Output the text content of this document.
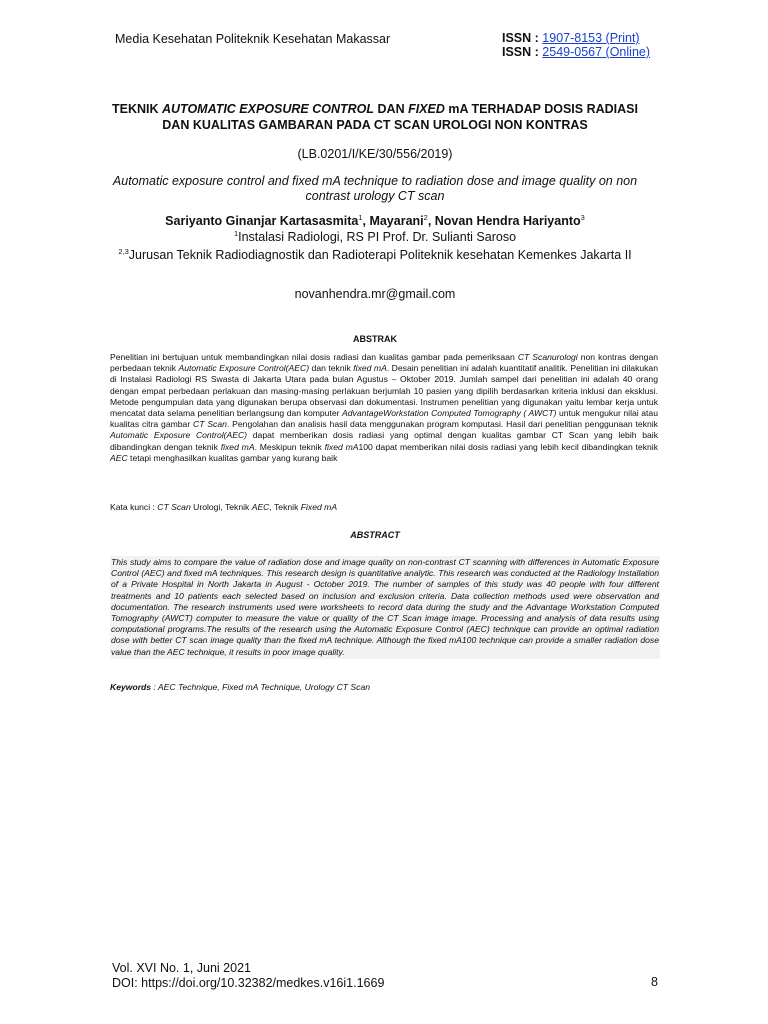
Media Kesehatan Politeknik Kesehatan Makassar	ISSN : 1907-8153 (Print)
ISSN : 2549-0567 (Online)
TEKNIK AUTOMATIC EXPOSURE CONTROL DAN FIXED mA TERHADAP DOSIS RADIASI DAN KUALITAS GAMBARAN PADA CT SCAN UROLOGI NON KONTRAS
(LB.0201/I/KE/30/556/2019)
Automatic exposure control and fixed mA technique to radiation dose and image quality on non contrast urology CT scan
Sariyanto Ginanjar Kartasasmita$^1$, Mayarani$^2$, Novan Hendra Hariyanto$^3$
$^1$Instalasi Radiologi, RS PI Prof. Dr. Sulianti Saroso
$^{2,3}$Jurusan Teknik Radiodiagnostik dan Radioterapi Politeknik kesehatan Kemenkes Jakarta II
novanhendra.mr@gmail.com
ABSTRAK
Penelitian ini bertujuan untuk membandingkan nilai dosis radiasi dan kualitas gambar pada pemeriksaan CT Scanurologi non kontras dengan perbedaan teknik Automatic Exposure Control(AEC) dan teknik fixed mA. Desain penelitian ini adalah kuantitatif analitik. Penelitian ini dilakukan di Instalasi Radiologi RS Swasta di Jakarta Utara pada bulan Agustus – Oktober 2019. Jumlah sampel dari penelitian ini adalah 40 orang dengan empat perbedaan perlakuan dan masing-masing perlakuan berjumlah 10 pasien yang dipilih berdasarkan kriteria inklusi dan eksklusi. Metode pengumpulan data yang digunakan berupa observasi dan dokumentasi. Instrumen penelitian yang digunakan yaitu lembar kerja untuk mencatat data selama penelitian berlangsung dan komputer AdvantageWorkstation Computed Tomography ( AWCT) untuk mengukur nilai atau kualitas citra gambar CT Scan. Pengolahan dan analisis hasil data menggunakan program komputasi. Hasil dari penelitian penggunaan teknik Automatic Exposure Control(AEC) dapat memberikan dosis radiasi yang optimal dengan kualitas gambar CT Scan yang lebih baik dibandingkan dengan teknik fixed mA. Meskipun teknik fixed mA100 dapat memberikan nilai dosis radiasi yang lebih kecil dibandingkan teknik AEC tetapi menghasilkan kualitas gambar yang kurang baik
Kata kunci : CT Scan Urologi, Teknik AEC, Teknik Fixed mA
ABSTRACT
This study aims to compare the value of radiation dose and image quality on non-contrast CT scanning with differences in Automatic Exposure Control (AEC) and fixed mA techniques. This research design is quantitative analytic. This research was conducted at the Radiology Installation of a Private Hospital in North Jakarta in August - October 2019. The number of samples of this study was 40 people with four different treatments and 10 patients each selected based on inclusion and exclusion criteria. Data collection methods used were observation and documentation. The research instruments used were worksheets to record data during the study and the Advantage Workstation Computed Tomography (AWCT) computer to measure the value or quality of the CT Scan image image. Processing and analysis of data results using computational programs.The results of the research using the Automatic Exposure Control (AEC) technique can provide an optimal radiation dose with better CT scan image quality than the fixed mA technique. Although the fixed mA100 technique can provide a smaller radiation dose value than the AEC technique, it results in poor image quality.
Keywords : AEC Technique, Fixed mA Technique, Urology CT Scan
Vol. XVI No. 1, Juni 2021
DOI: https://doi.org/10.32382/medkes.v16i1.1669	8
